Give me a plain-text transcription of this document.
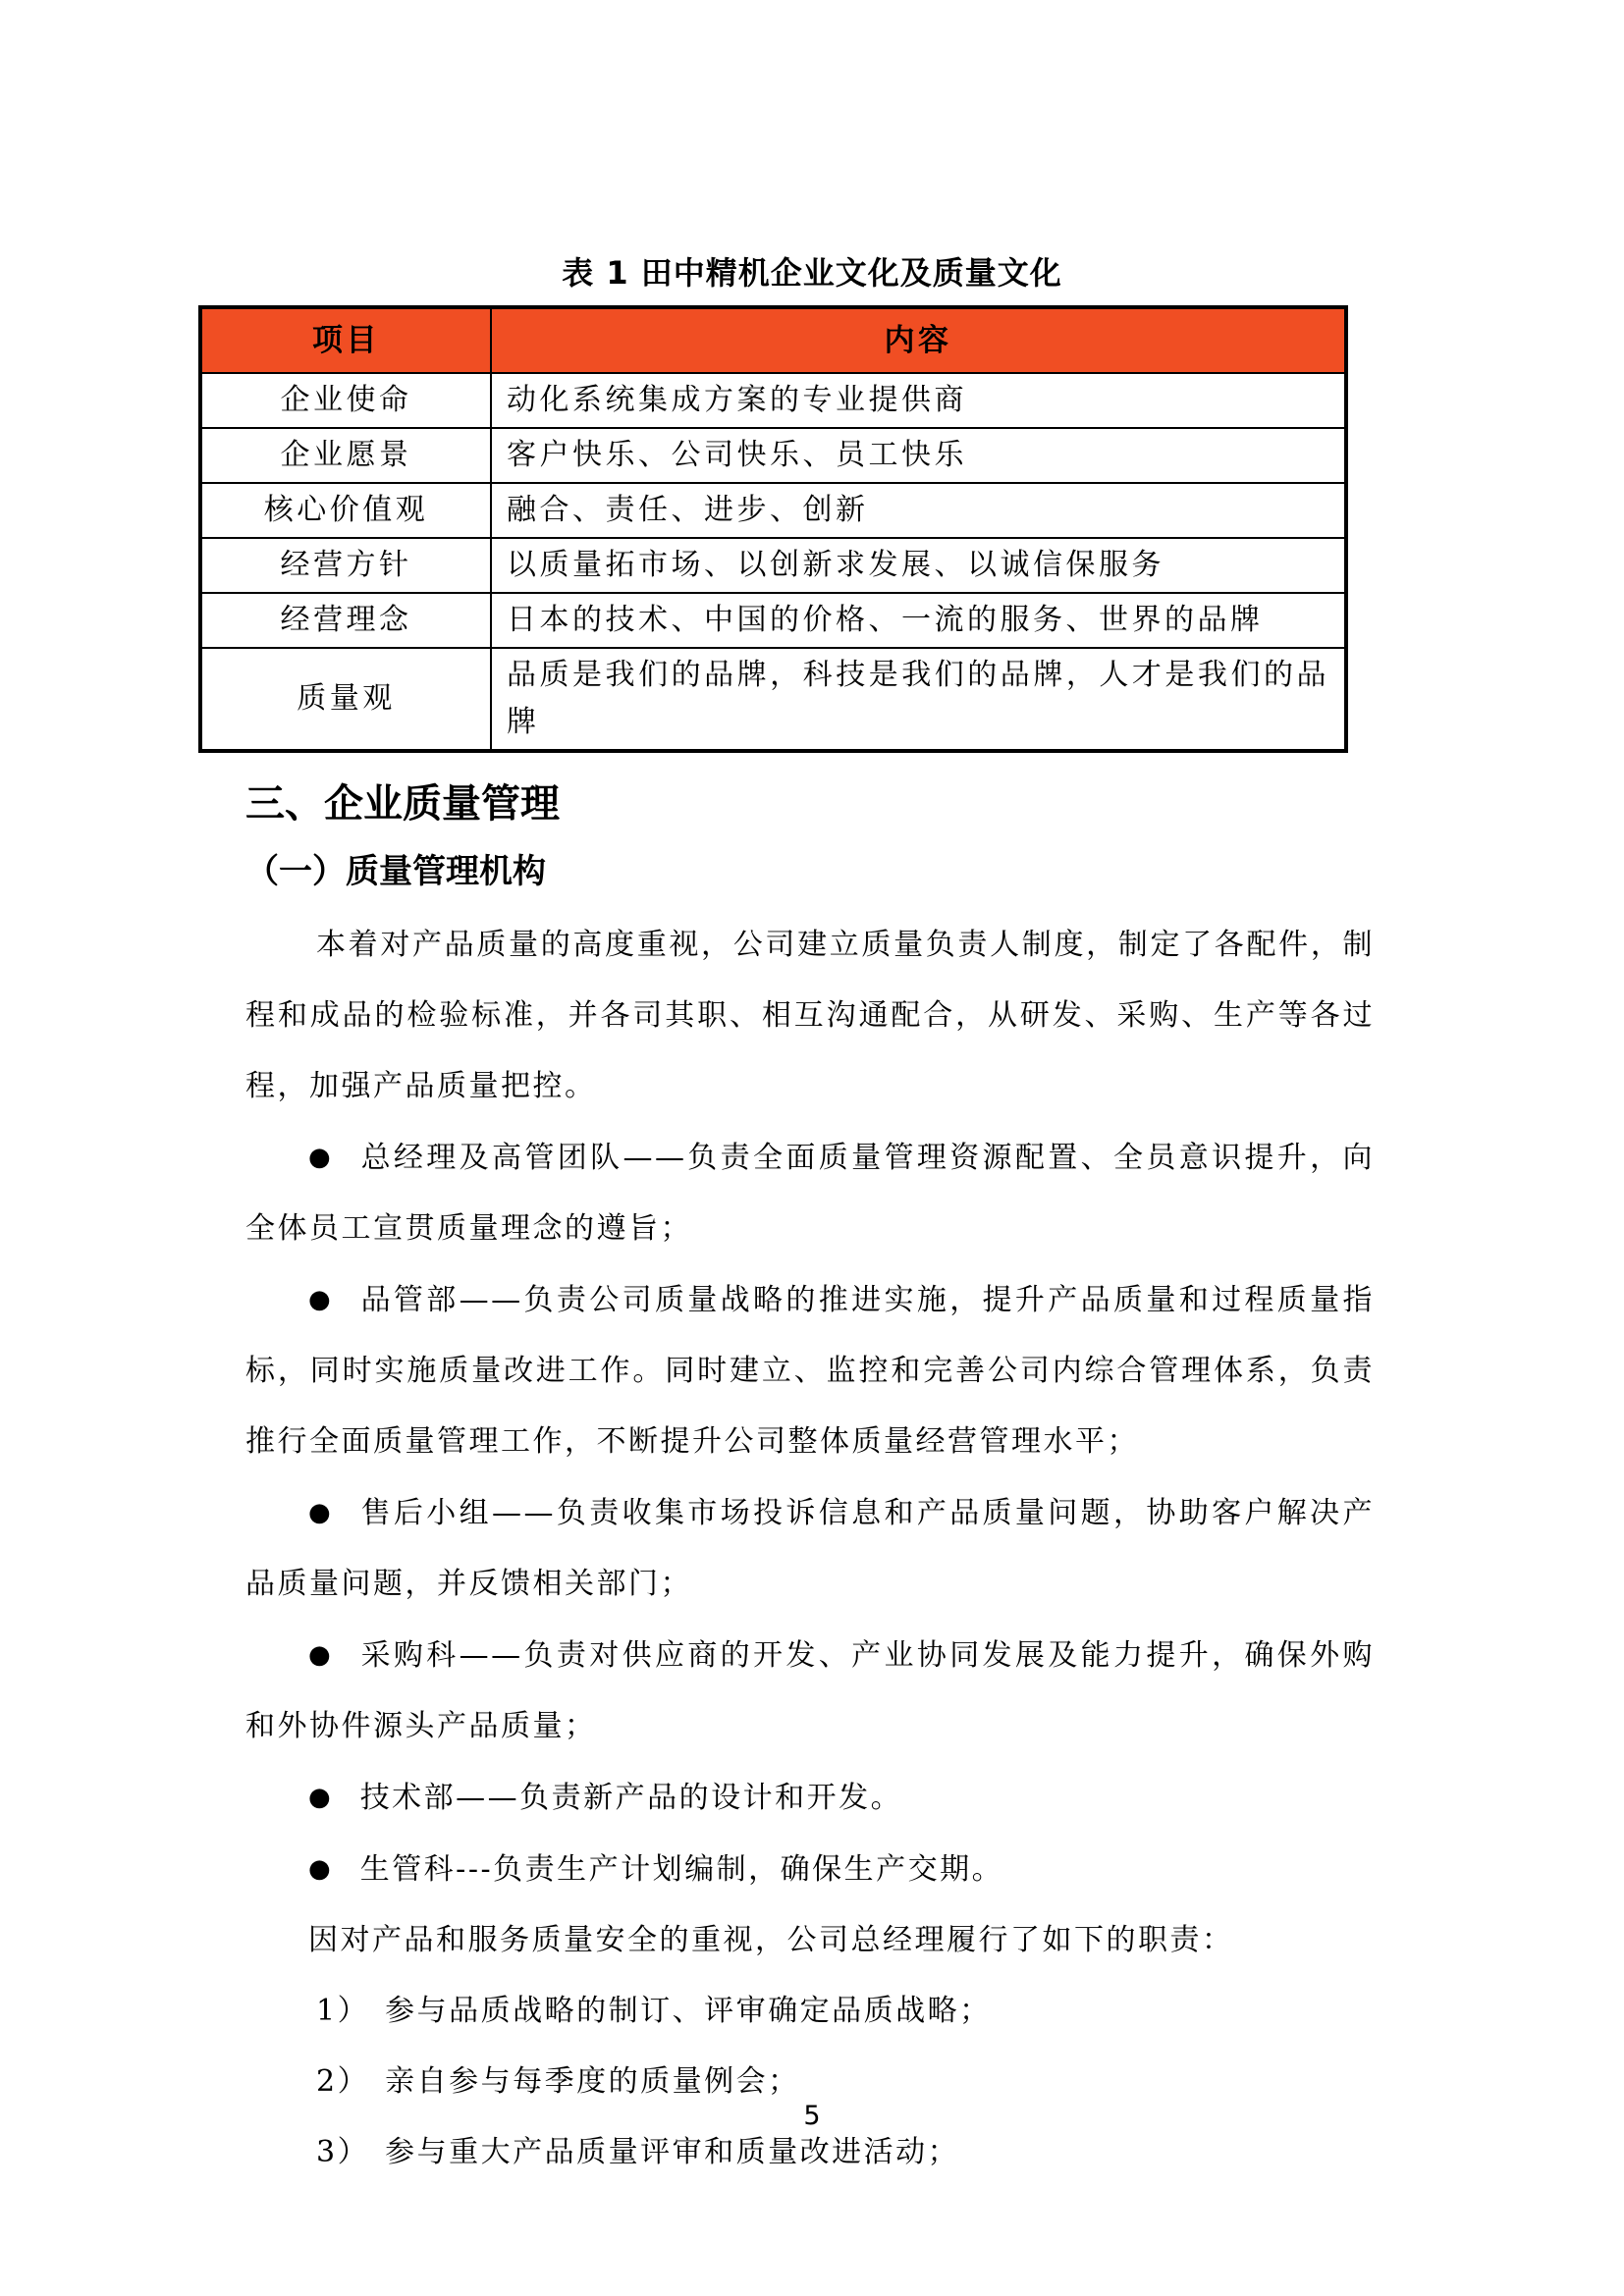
表 1 田中精机企业文化及质量文化
项目	内容
企业使命	动化系统集成方案的专业提供商
企业愿景	客户快乐、公司快乐、员工快乐
核心价值观	融合、责任、进步、创新
经营方针	以质量拓市场、以创新求发展、以诚信保服务
经营理念	日本的技术、中国的价格、一流的服务、世界的品牌
质量观	品质是我们的品牌，科技是我们的品牌，人才是我们的品牌
三、企业质量管理
（一）质量管理机构

本着对产品质量的高度重视，公司建立质量负责人制度，制定了各配件，制程和成品的检验标准，并各司其职、相互沟通配合，从研发、采购、生产等各过程，加强产品质量把控。

● 总经理及高管团队——负责全面质量管理资源配置、全员意识提升，向全体员工宣贯质量理念的遵旨；

● 品管部——负责公司质量战略的推进实施，提升产品质量和过程质量指标，同时实施质量改进工作。同时建立、监控和完善公司内综合管理体系，负责推行全面质量管理工作，不断提升公司整体质量经营管理水平；

● 售后小组——负责收集市场投诉信息和产品质量问题，协助客户解决产品质量问题，并反馈相关部门；

● 采购科——负责对供应商的开发、产业协同发展及能力提升，确保外购和外协件源头产品质量；

● 技术部——负责新产品的设计和开发。

● 生管科---负责生产计划编制，确保生产交期。

因对产品和服务质量安全的重视，公司总经理履行了如下的职责：

1） 参与品质战略的制订、评审确定品质战略；

2） 亲自参与每季度的质量例会；

3） 参与重大产品质量评审和质量改进活动；

5
